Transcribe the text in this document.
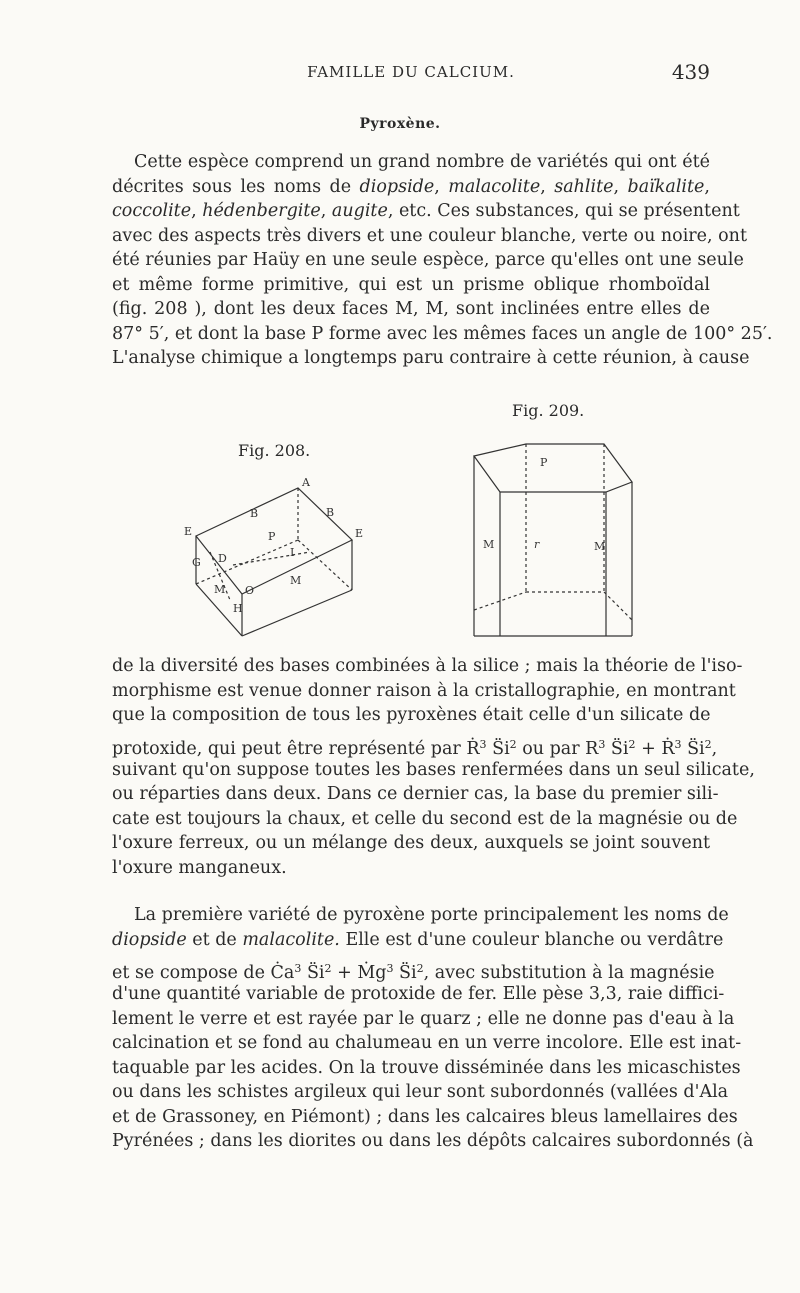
FAMILLE DU CALCIUM.	439
Pyroxène.
Cette espèce comprend un grand nombre de variétés qui ont été
décrites sous les noms de diopside, malacolite, sahlite, baïkalite,
coccolite, hédenbergite, augite, etc. Ces substances, qui se présentent
avec des aspects très divers et une couleur blanche, verte ou noire, ont
été réunies par Haüy en une seule espèce, parce qu'elles ont une seule
et même forme primitive, qui est un prisme oblique rhomboïdal
(fig. 208 ), dont les deux faces M, M, sont inclinées entre elles de
87° 5′, et dont la base P forme avec les mêmes faces un angle de 100° 25′.
L'analyse chimique a longtemps paru contraire à cette réunion, à cause
Fig. 208.
Fig. 209.
A
B	B
E	E
P
G D
O
M
M
H
I
P
M	M
r
de la diversité des bases combinées à la silice ; mais la théorie de l'iso-
morphisme est venue donner raison à la cristallographie, en montrant
que la composition de tous les pyroxènes était celle d'un silicate de
protoxide, qui peut être représenté par Ṙ$^3$ $S̈i^2$ ou par $R^3$ $S̈i^2$ + Ṙ$^3$ $S̈i^2$,
suivant qu'on suppose toutes les bases renfermées dans un seul silicate,
ou réparties dans deux. Dans ce dernier cas, la base du premier sili-
cate est toujours la chaux, et celle du second est de la magnésie ou de
l'oxure ferreux, ou un mélange des deux, auxquels se joint souvent
l'oxure manganeux.
La première variété de pyroxène porte principalement les noms de
diopside et de malacolite. Elle est d'une couleur blanche ou verdâtre
et se compose de $Ċa^3$ $S̈i^2$ + Ṁg$^3$ $S̈i^2$, avec substitution à la magnésie
d'une quantité variable de protoxide de fer. Elle pèse 3,3, raie diffici-
lement le verre et est rayée par le quarz ; elle ne donne pas d'eau à la
calcination et se fond au chalumeau en un verre incolore. Elle est inat-
taquable par les acides. On la trouve disséminée dans les micaschistes
ou dans les schistes argileux qui leur sont subordonnés (vallées d'Ala
et de Grassoney, en Piémont) ; dans les calcaires bleus lamellaires des
Pyrénées ; dans les diorites ou dans les dépôts calcaires subordonnés (à
